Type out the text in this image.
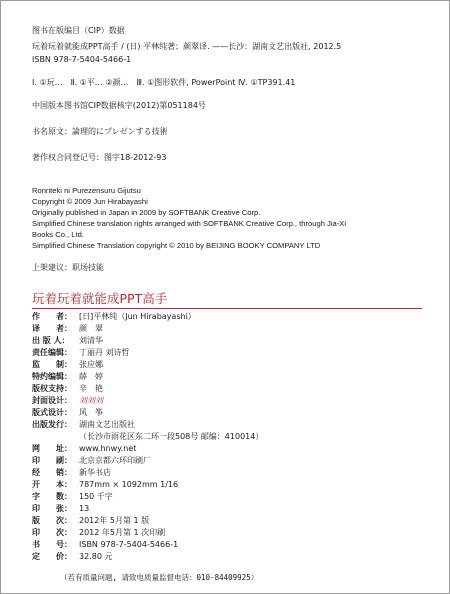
图书在版编目（CIP）数据
玩着玩着就能成PPT高手 / (日) 平林纯著；颜翠译. ——长沙：湖南文艺出版社, 2012.5
ISBN 978-7-5404-5466-1
Ⅰ. ①玩…　Ⅱ. ①平… ②颜…　Ⅲ. ①图形软件, PowerPoint Ⅳ. ①TP391.41
中国版本图书馆CIP数据核字(2012)第051184号
书名原文：論理的にプレゼンする技術
著作权合同登记号：图字18-2012-93
Ronriteki ni Purezensuru Gijutsu
Copyright © 2009 Jun Hirabayashi
Originally published in Japan in 2009 by SOFTBANK Creative Corp.
Simplified Chinese translation rights arranged with SOFTBANK Creative Corp., through Jia-Xi
Books Co., Ltd.
Simplified Chinese Translation copyright © 2010 by BEIJING BOOKY COMPANY LTD
上架建议：职场技能
玩着玩着就能成PPT高手
作　　者： [日]平林纯（Jun Hirabayashi）
译　　者： 颜　翠
出 版 人： 刘清华
责任编辑： 丁丽丹 刘诗哲
监　　制： 张应娜
特约编辑： 薛　婷
版权支持： 辛　艳
封面设计： 刘刘刘
版式设计： 风　筝
出版发行： 湖南文艺出版社
（长沙市雨花区东二环一段508号 邮编：410014）
网　　址： www.hnwy.net
印　　刷： 北京京都六环印刷厂
经　　销： 新华书店
开　　本： 787mm × 1092mm 1/16
字　　数： 150 千字
印　　张： 13
版　　次： 2012年 5月第 1 版
印　　次： 2012 年5月第 1 次印刷
书　　号： ISBN 978-7-5404-5466-1
定　　价： 32.80 元
（若有质量问题, 请致电质量监督电话：010-84409925）
